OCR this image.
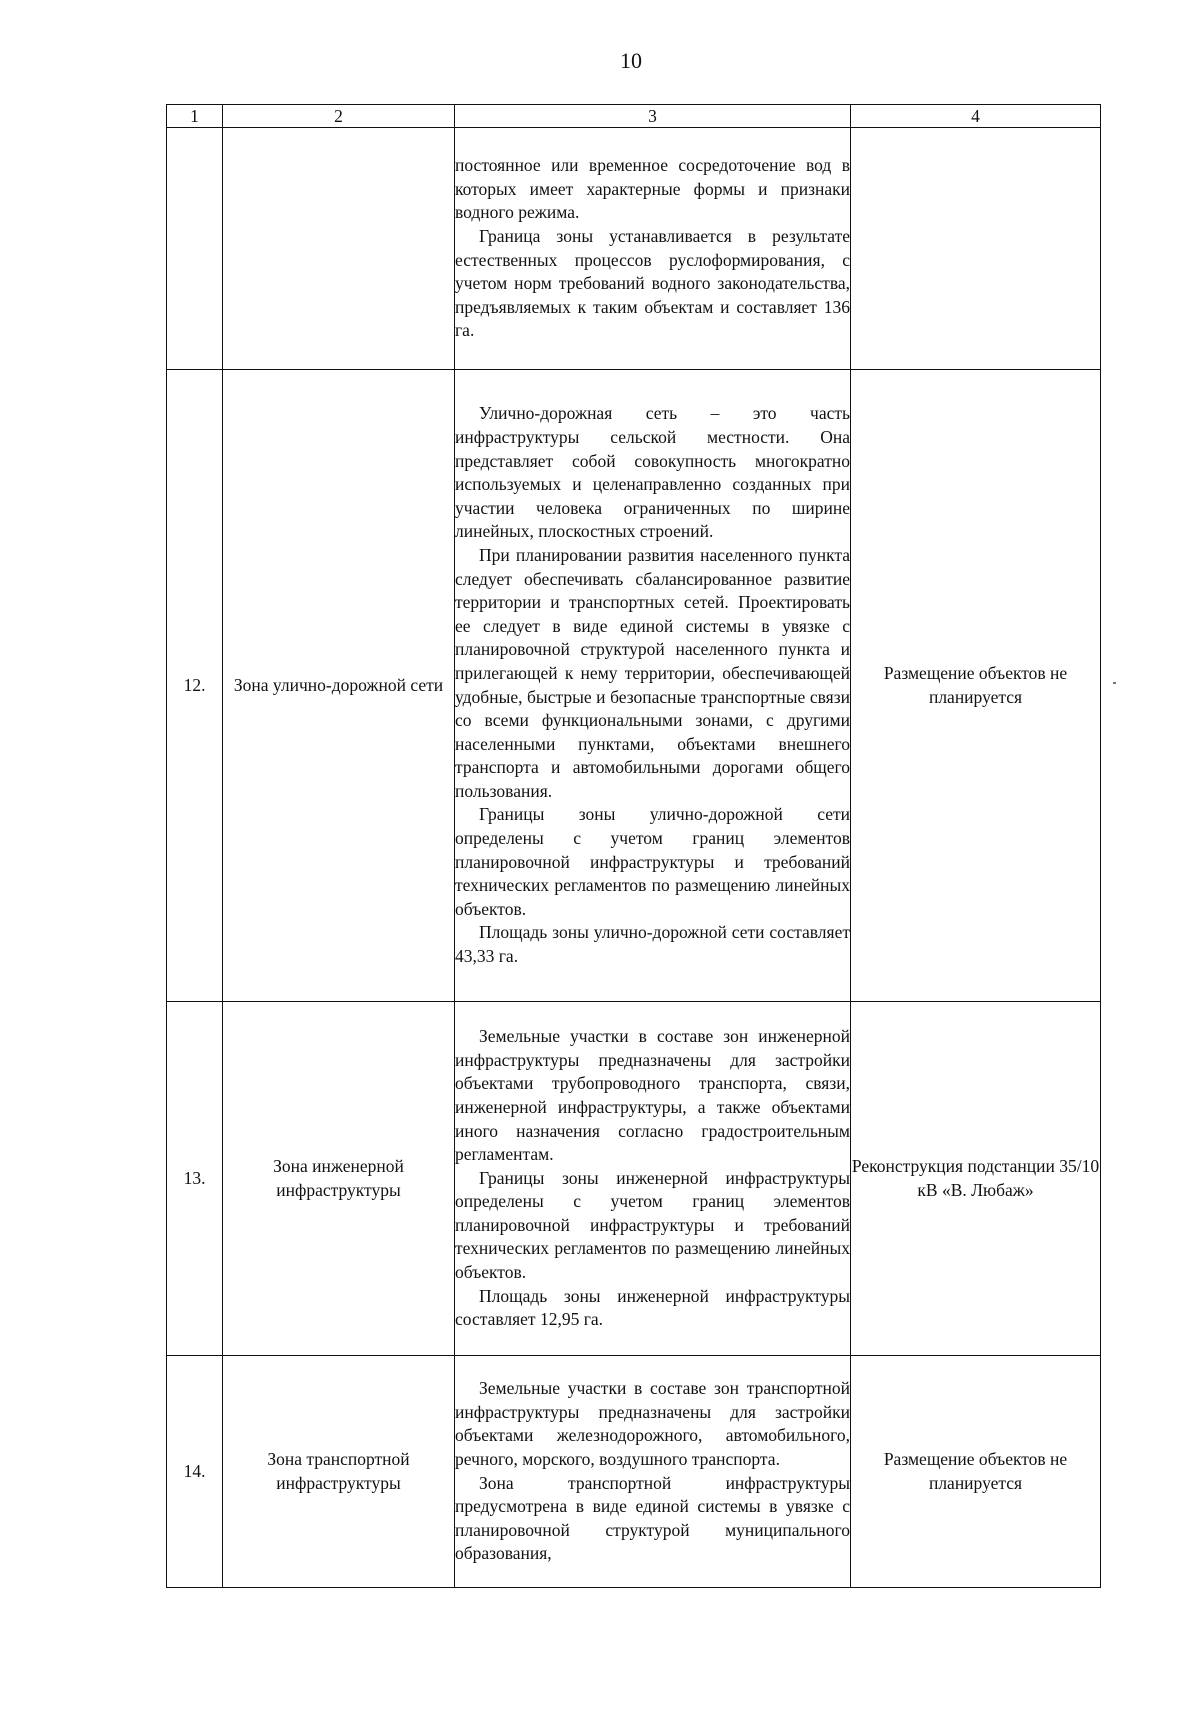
10
1	2	3	4

		постоянное или временное сосредоточение вод в которых имеет характерные формы и признаки водного режима.

Граница зоны устанавливается в результате естественных процессов руслоформирования, с учетом норм требований водного законодательства, предъявляемых к таким объектам и составляет 136 га.	

12.	Зона улично-дорожной сети	Улично-дорожная сеть – это часть инфраструктуры сельской местности. Она представляет собой совокупность многократно используемых и целенаправленно созданных при участии человека ограниченных по ширине линейных, плоскостных строений.

При планировании развития населенного пункта следует обеспечивать сбалансированное развитие территории и транспортных сетей. Проектировать ее следует в виде единой системы в увязке с планировочной структурой населенного пункта и прилегающей к нему территории, обеспечивающей удобные, быстрые и безопасные транспортные связи со всеми функциональными зонами, с другими населенными пунктами, объектами внешнего транспорта и автомобильными дорогами общего пользования.

Границы зоны улично-дорожной сети определены с учетом границ элементов планировочной инфраструктуры и требований технических регламентов по размещению линейных объектов.

Площадь зоны улично-дорожной сети составляет 43,33 га.	Размещение объектов не планируется
13.	Зона инженерной инфраструктуры	Земельные участки в составе зон инженерной инфраструктуры предназначены для застройки объектами трубопроводного транспорта, связи, инженерной инфраструктуры, а также объектами иного назначения согласно градостроительным регламентам.

Границы зоны инженерной инфраструктуры определены с учетом границ элементов планировочной инфраструктуры и требований технических регламентов по размещению линейных объектов.

Площадь зоны инженерной инфраструктуры составляет 12,95 га.	Реконструкция подстанции 35/10 кВ «В. Любаж»
14.	Зона транспортной инфраструктуры	Земельные участки в составе зон транспортной инфраструктуры предназначены для застройки объектами железнодорожного, автомобильного, речного, морского, воздушного транспорта.

Зона транспортной инфраструктуры предусмотрена в виде единой системы в увязке с планировочной структурой муниципального образования,	Размещение объектов не планируется
